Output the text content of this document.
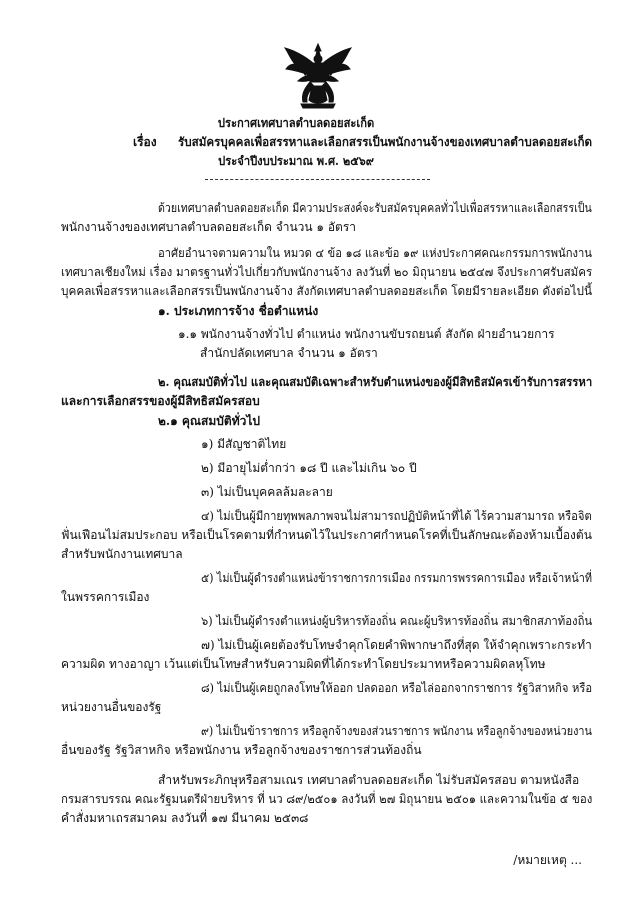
ประกาศเทศบาลตำบลดอยสะเก็ด
เรื่อง รับสมัครบุคคลเพื่อสรรหาและเลือกสรรเป็นพนักงานจ้างของเทศบาลตำบลดอยสะเก็ด
ประจำปีงบประมาณ พ.ศ. ๒๕๖๙
ด้วยเทศบาลตำบลดอยสะเก็ด มีความประสงค์จะรับสมัครบุคคลทั่วไปเพื่อสรรหาและเลือกสรรเป็น
พนักงานจ้างของเทศบาลตำบลดอยสะเก็ด จำนวน ๑ อัตรา
อาศัยอำนาจตามความใน หมวด ๔ ข้อ ๑๘ และข้อ ๑๙ แห่งประกาศคณะกรรมการพนักงาน
เทศบาลเชียงใหม่ เรื่อง มาตรฐานทั่วไปเกี่ยวกับพนักงานจ้าง ลงวันที่ ๒๐ มิถุนายน ๒๕๔๗ จึงประกาศรับสมัคร
บุคคลเพื่อสรรหาและเลือกสรรเป็นพนักงานจ้าง สังกัดเทศบาลตำบลดอยสะเก็ด โดยมีรายละเอียด ดังต่อไปนี้
๑. ประเภทการจ้าง ชื่อตำแหน่ง
๑.๑ พนักงานจ้างทั่วไป ตำแหน่ง พนักงานขับรถยนต์ สังกัด ฝ่ายอำนวยการ
สำนักปลัดเทศบาล จำนวน ๑ อัตรา
๒. คุณสมบัติทั่วไป และคุณสมบัติเฉพาะสำหรับตำแหน่งของผู้มีสิทธิสมัครเข้ารับการสรรหา
และการเลือกสรรของผู้มีสิทธิสมัครสอบ
๒.๑ คุณสมบัติทั่วไป
๑) มีสัญชาติไทย
๒) มีอายุไม่ต่ำกว่า ๑๘ ปี และไม่เกิน ๖๐ ปี
๓) ไม่เป็นบุคคลล้มละลาย
๔) ไม่เป็นผู้มีกายทุพพลภาพจนไม่สามารถปฏิบัติหน้าที่ได้ ไร้ความสามารถ หรือจิต
ฟั่นเฟือนไม่สมประกอบ หรือเป็นโรคตามที่กำหนดไว้ในประกาศกำหนดโรคที่เป็นลักษณะต้องห้ามเบื้องต้น
สำหรับพนักงานเทศบาล
๕) ไม่เป็นผู้ดำรงตำแหน่งข้าราชการการเมือง กรรมการพรรคการเมือง หรือเจ้าหน้าที่
ในพรรคการเมือง
๖) ไม่เป็นผู้ดำรงตำแหน่งผู้บริหารท้องถิ่น คณะผู้บริหารท้องถิ่น สมาชิกสภาท้องถิ่น
๗) ไม่เป็นผู้เคยต้องรับโทษจำคุกโดยคำพิพากษาถึงที่สุด ให้จำคุกเพราะกระทำ
ความผิด ทางอาญา เว้นแต่เป็นโทษสำหรับความผิดที่ได้กระทำโดยประมาทหรือความผิดลหุโทษ
๘) ไม่เป็นผู้เคยถูกลงโทษให้ออก ปลดออก หรือไล่ออกจากราชการ รัฐวิสาหกิจ หรือ
หน่วยงานอื่นของรัฐ
๙) ไม่เป็นข้าราชการ หรือลูกจ้างของส่วนราชการ พนักงาน หรือลูกจ้างของหน่วยงาน
อื่นของรัฐ รัฐวิสาหกิจ หรือพนักงาน หรือลูกจ้างของราชการส่วนท้องถิ่น
สำหรับพระภิกษุหรือสามเณร เทศบาลตำบลดอยสะเก็ด ไม่รับสมัครสอบ ตามหนังสือ
กรมสารบรรณ คณะรัฐมนตรีฝ่ายบริหาร ที่ นว ๘๙/๒๕๐๑ ลงวันที่ ๒๗ มิถุนายน ๒๕๐๑ และความในข้อ ๕ ของ
คำสั่งมหาเถรสมาคม ลงวันที่ ๑๗ มีนาคม ๒๕๓๘
/หมายเหตุ ...
